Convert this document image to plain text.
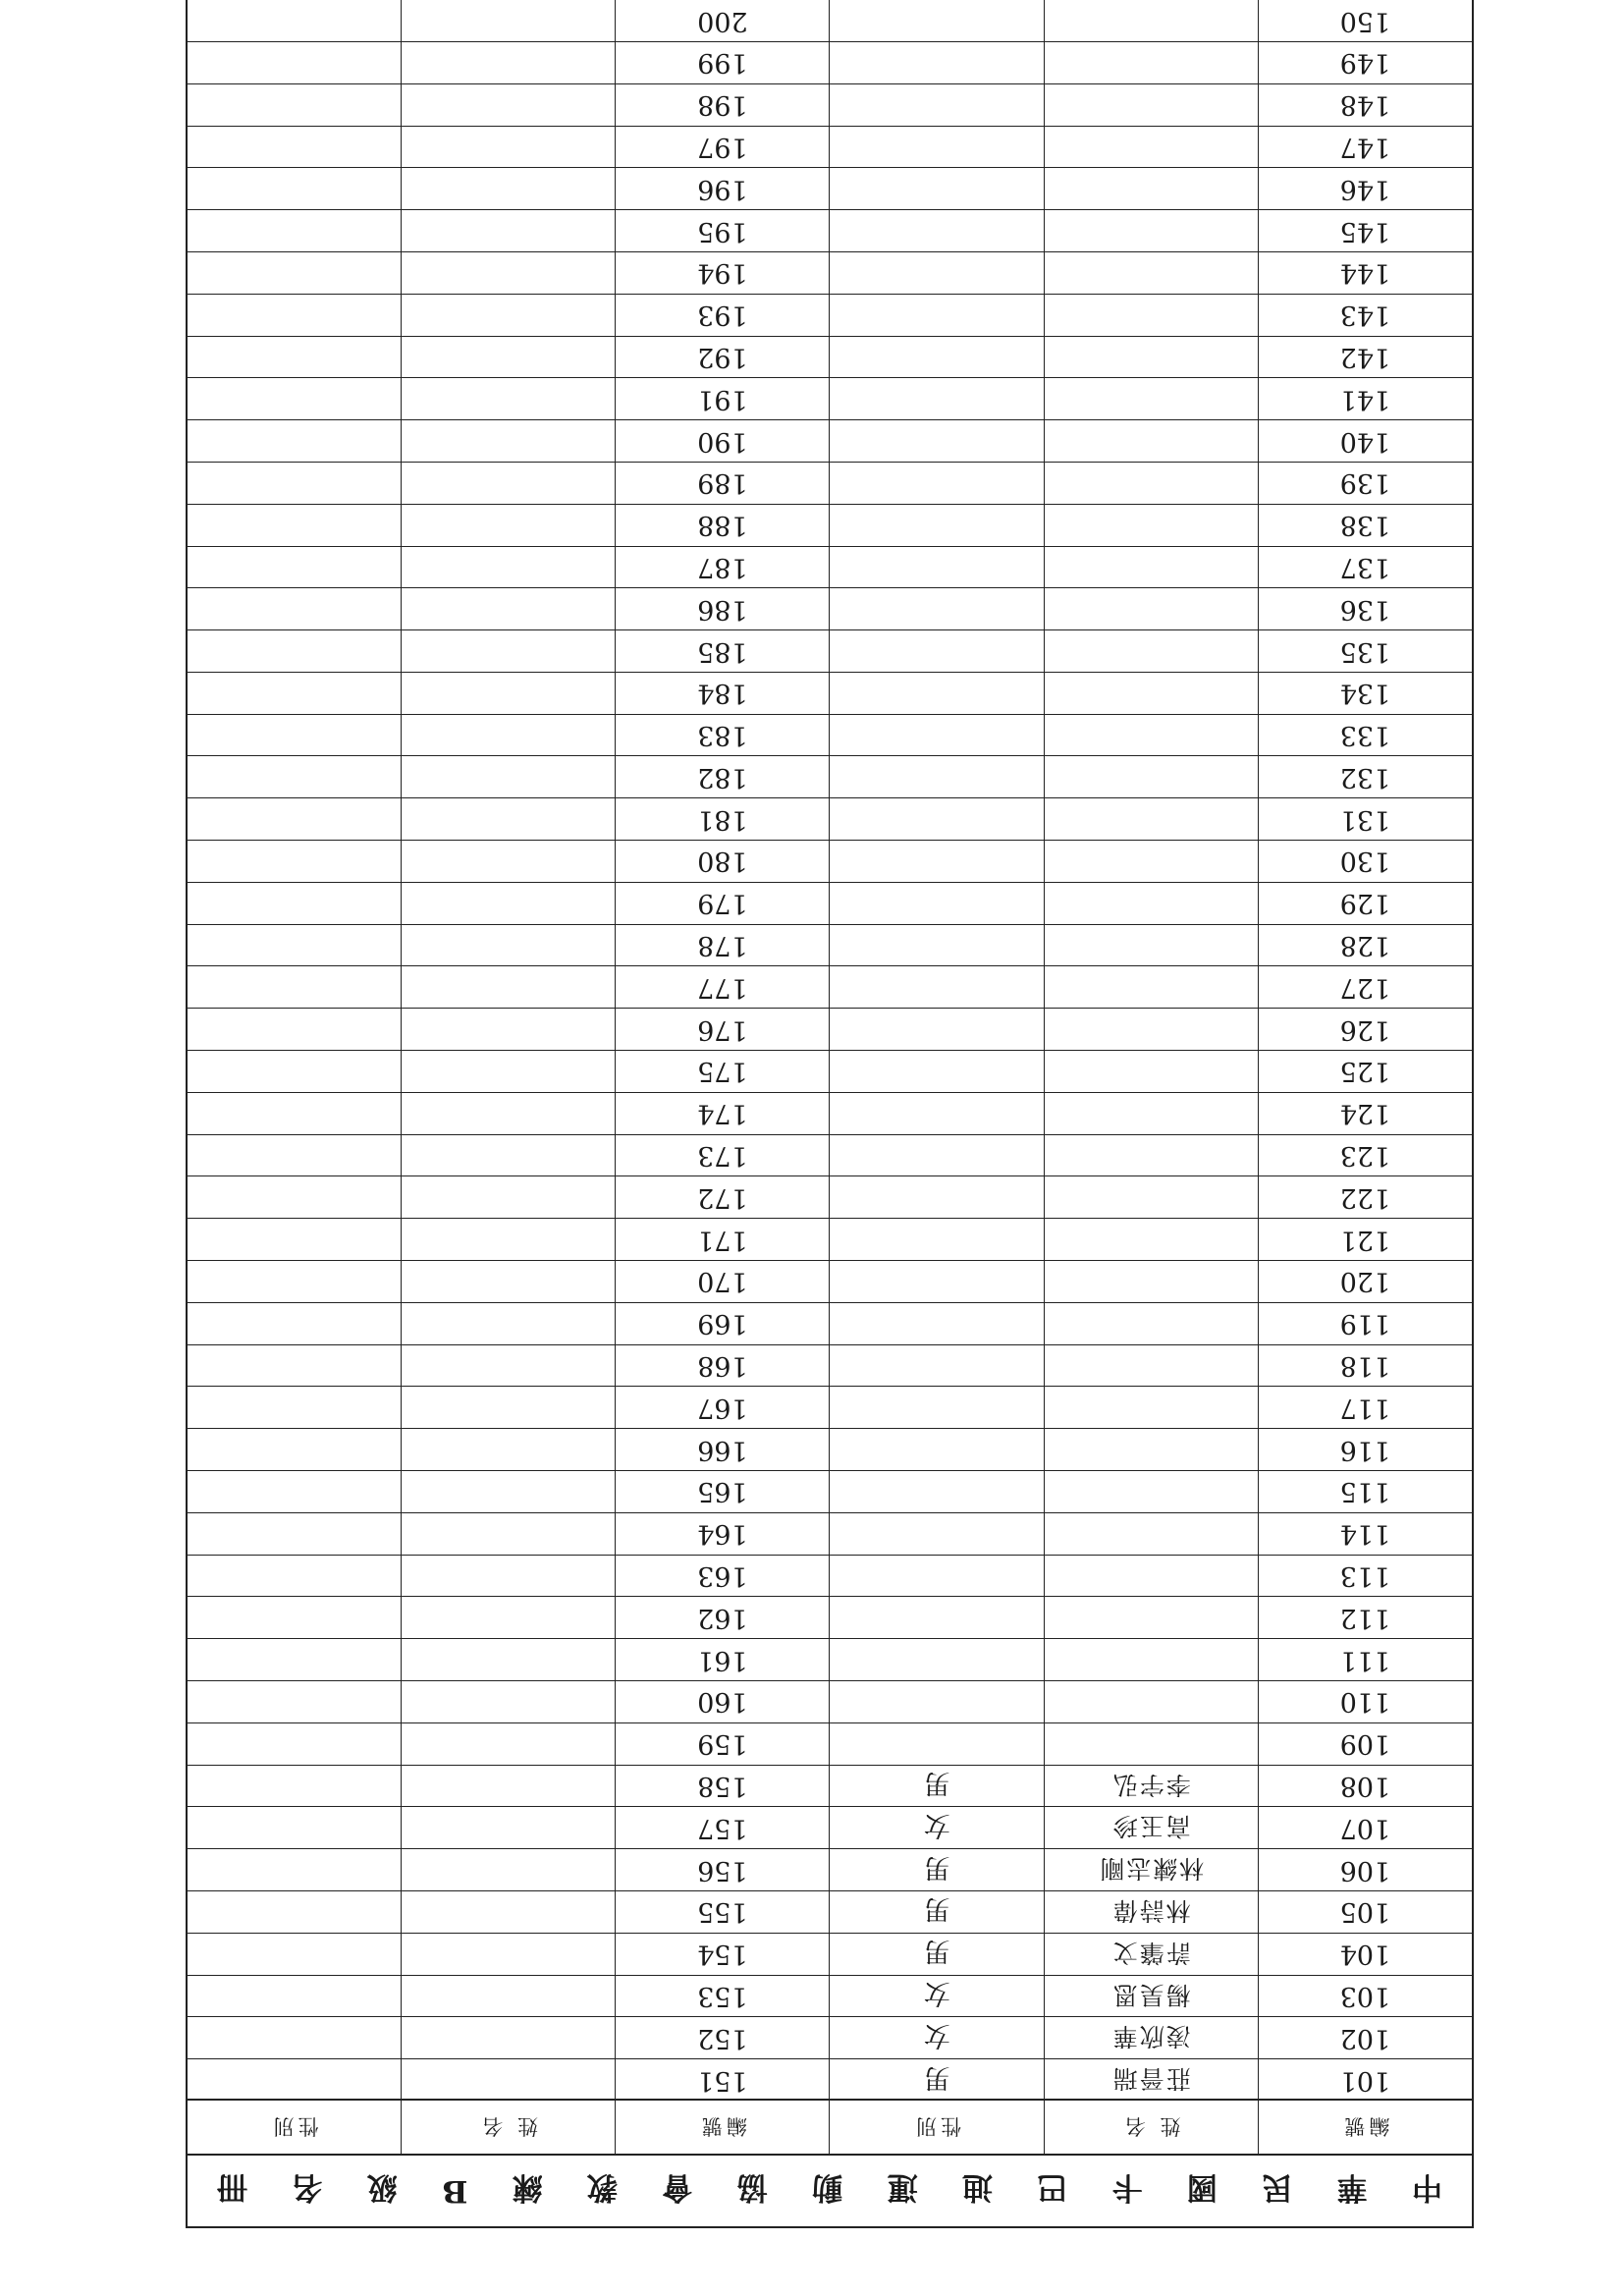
中
華
民
國
卡
巴
迪
運
動
協
會
教
練
B
級
名
冊
編號
姓 名
性別
編號
姓 名
性別
101
莊晉瑞
男
151
102
凌欣華
女
152
103
楊昊恩
女
153
104
許肇文
男
154
105
林詩偉
男
155
106
林練志剛
男
156
107
高玉珍
女
157
108
李宇弘
男
158
109
159
110
160
111
161
112
162
113
163
114
164
115
165
116
166
117
167
118
168
119
169
120
170
121
171
122
172
123
173
124
174
125
175
126
176
127
177
128
178
129
179
130
180
131
181
132
182
133
183
134
184
135
185
136
186
137
187
138
188
139
189
140
190
141
191
142
192
143
193
144
194
145
195
146
196
147
197
148
198
149
199
150
200
